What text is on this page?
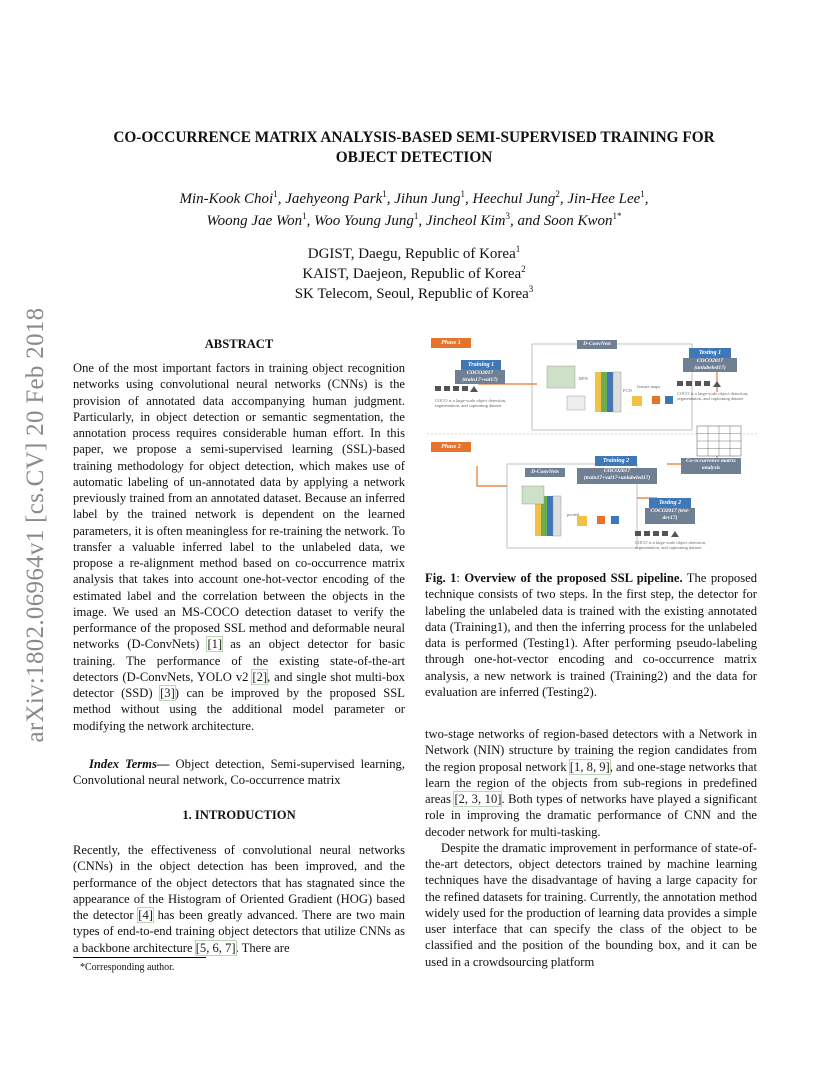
arXiv:1802.06964v1 [cs.CV] 20 Feb 2018
CO-OCCURRENCE MATRIX ANALYSIS-BASED SEMI-SUPERVISED TRAINING FOR
OBJECT DETECTION
Min-Kook Choi$^1$, Jaehyeong Park$^1$, Jihun Jung$^1$, Heechul Jung$^2$, Jin-Hee Lee$^1$,
Woong Jae Won$^1$, Woo Young Jung$^1$, Jincheol Kim$^3$, and Soon Kwon$^{1*}$
DGIST, Daegu, Republic of Korea$^1$
KAIST, Daejeon, Republic of Korea$^2$
SK Telecom, Seoul, Republic of Korea$^3$
ABSTRACT
One of the most important factors in training object recognition networks using convolutional neural networks (CNNs) is the provision of annotated data accompanying human judgment. Particularly, in object detection or semantic segmentation, the annotation process requires considerable human effort. In this paper, we propose a semi-supervised learning (SSL)-based training methodology for object detection, which makes use of automatic labeling of un-annotated data by applying a network previously trained from an annotated dataset. Because an inferred label by the trained network is dependent on the learned parameters, it is often meaningless for re-training the network. To transfer a valuable inferred label to the unlabeled data, we propose a re-alignment method based on co-occurrence matrix analysis that takes into account one-hot-vector encoding of the estimated label and the correlation between the objects in the image. We used an MS-COCO detection dataset to verify the performance of the proposed SSL method and deformable neural networks (D-ConvNets) [1] as an object detector for basic training. The performance of the existing state-of-the-art detectors (D-ConvNets, YOLO v2 [2], and single shot multi-box detector (SSD) [3]) can be improved by the proposed SSL method without using the additional model parameter or modifying the network architecture.
Index Terms— Object detection, Semi-supervised learning, Convolutional neural network, Co-occurrence matrix
1. INTRODUCTION
Recently, the effectiveness of convolutional neural networks (CNNs) in the object detection has been improved, and the performance of the object detectors that has stagnated since the appearance of the Histogram of Oriented Gradient (HOG) based the detector [4] has been greatly advanced. There are two main types of end-to-end training object detectors that utilize CNNs as a backbone architecture [5, 6, 7]. There are
*Corresponding author.
Phase 1	D-ConvNets
Training 1
COCO2017 (train17+val17)
Testing 1
COCO2017 (unlabeled17)
COCO is a large-scale object detection, segmentation, and captioning dataset
COCO is a large-scale object detection, segmentation, and captioning dataset
Phase 2
Training 2
D-ConvNets	COCO2017 (train17+val17+unlabeled17)
Co-occurrence matrix analysis
Testing 2
COCO2017 (test-dev17)
COCO is a large-scale object detection, segmentation, and captioning dataset
FCN
feature maps
RPN
pooled
Fig. 1: Overview of the proposed SSL pipeline. The proposed technique consists of two steps. In the first step, the detector for labeling the unlabeled data is trained with the existing annotated data (Training1), and then the inferring process for the unlabeled data is performed (Testing1). After performing pseudo-labeling through one-hot-vector encoding and co-occurrence matrix analysis, a new network is trained (Training2) and the data for evaluation are inferred (Testing2).
two-stage networks of region-based detectors with a Network in Network (NIN) structure by training the region candidates from the region proposal network [1, 8, 9], and one-stage networks that learn the region of the objects from sub-regions in predefined areas [2, 3, 10]. Both types of networks have played a significant role in improving the dramatic performance of CNN and the decoder network for multi-tasking.
Despite the dramatic improvement in performance of state-of-the-art detectors, object detectors trained by machine learning techniques have the disadvantage of having a large capacity for the refined datasets for training. Currently, the annotation method widely used for the production of learning data provides a simple user interface that can specify the class of the object to be classified and the position of the bounding box, and it can be used in a crowdsourcing platform
